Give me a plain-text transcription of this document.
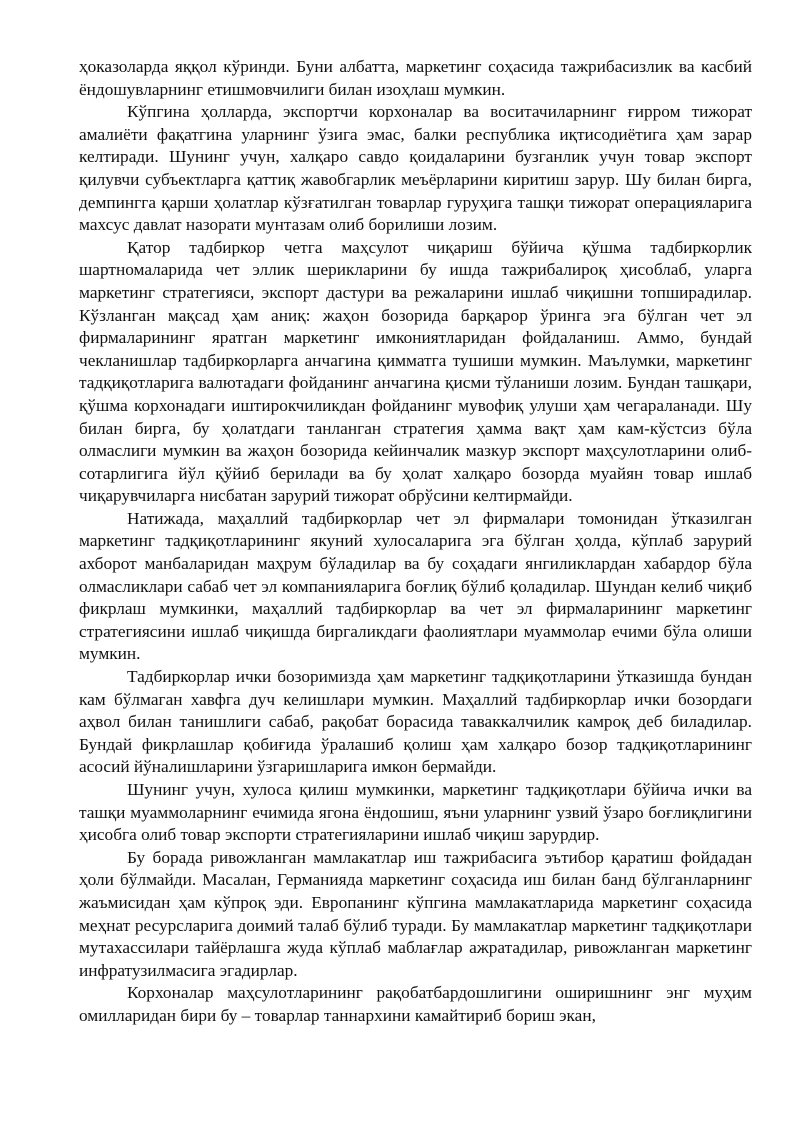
ҳоказоларда яққол кўринди. Буни албатта, маркетинг соҳасида тажрибасизлик ва касбий ёндошувларнинг етишмовчилиги билан изоҳлаш мумкин.

Кўпгина ҳолларда, экспортчи корхоналар ва воситачиларнинг ғирром тижорат амалиёти фақатгина уларнинг ўзига эмас, балки республика иқтисодиётига ҳам зарар келтиради. Шунинг учун, халқаро савдо қоидаларини бузганлик учун товар экспорт қилувчи субъектларга қаттиқ жавобгарлик меъёрларини киритиш зарур. Шу билан бирга, демпингга қарши ҳолатлар кўзғатилган товарлар гуруҳига ташқи тижорат операцияларига махсус давлат назорати мунтазам олиб борилиши лозим.

Қатор тадбиркор четга маҳсулот чиқариш бўйича қўшма тадбиркорлик шартномаларида чет эллик шерикларини бу ишда тажрибалироқ ҳисоблаб, уларга маркетинг стратегияси, экспорт дастури ва режаларини ишлаб чиқишни топширадилар. Кўзланган мақсад ҳам аниқ: жаҳон бозорида барқарор ўринга эга бўлган чет эл фирмаларининг яратган маркетинг имкониятларидан фойдаланиш. Аммо, бундай чекланишлар тадбиркорларга анчагина қимматга тушиши мумкин. Маълумки, маркетинг тадқиқотларига валютадаги фойданинг анчагина қисми тўланиши лозим. Бундан ташқари, қўшма корхонадаги иштирокчиликдан фойданинг мувофиқ улуши ҳам чегараланади. Шу билан бирга, бу ҳолатдаги танланган стратегия ҳамма вақт ҳам кам-кўстсиз бўла олмаслиги мумкин ва жаҳон бозорида кейинчалик мазкур экспорт маҳсулотларини олиб-сотарлигига йўл қўйиб берилади ва бу ҳолат халқаро бозорда муайян товар ишлаб чиқарувчиларга нисбатан зарурий тижорат обрўсини келтирмайди.

Натижада, маҳаллий тадбиркорлар чет эл фирмалари томонидан ўтказилган маркетинг тадқиқотларининг якуний хулосаларига эга бўлган ҳолда, кўплаб зарурий ахборот манбаларидан маҳрум бўладилар ва бу соҳадаги янгиликлардан хабардор бўла олмасликлари сабаб чет эл компанияларига боғлиқ бўлиб қоладилар. Шундан келиб чиқиб фикрлаш мумкинки, маҳаллий тадбиркорлар ва чет эл фирмаларининг маркетинг стратегиясини ишлаб чиқишда биргаликдаги фаолиятлари муаммолар ечими бўла олиши мумкин.

Тадбиркорлар ички бозоримизда ҳам маркетинг тадқиқотларини ўтказишда бундан кам бўлмаган хавфга дуч келишлари мумкин. Маҳаллий тадбиркорлар ички бозордаги аҳвол билан танишлиги сабаб, рақобат борасида таваккалчилик камроқ деб биладилар. Бундай фикрлашлар қобиғида ўралашиб қолиш ҳам халқаро бозор тадқиқотларининг асосий йўналишларини ўзгаришларига имкон бермайди.

Шунинг учун, хулоса қилиш мумкинки, маркетинг тадқиқотлари бўйича ички ва ташқи муаммоларнинг ечимида ягона ёндошиш, яъни уларнинг узвий ўзаро боғлиқлигини ҳисобга олиб товар экспорти стратегияларини ишлаб чиқиш зарурдир.

Бу борада ривожланган мамлакатлар иш тажрибасига эътибор қаратиш фойдадан ҳоли бўлмайди. Масалан, Германияда маркетинг соҳасида иш билан банд бўлганларнинг жаъмисидан ҳам кўпроқ эди. Европанинг кўпгина мамлакатларида маркетинг соҳасида меҳнат ресурсларига доимий талаб бўлиб туради. Бу мамлакатлар маркетинг тадқиқотлари мутахассилари тайёрлашга жуда кўплаб маблағлар ажратадилар, ривожланган маркетинг инфратузилмасига эгадирлар.

Корхоналар маҳсулотларининг рақобатбардошлигини оширишнинг энг муҳим омилларидан бири бу – товарлар таннархини камайтириб бориш экан,
